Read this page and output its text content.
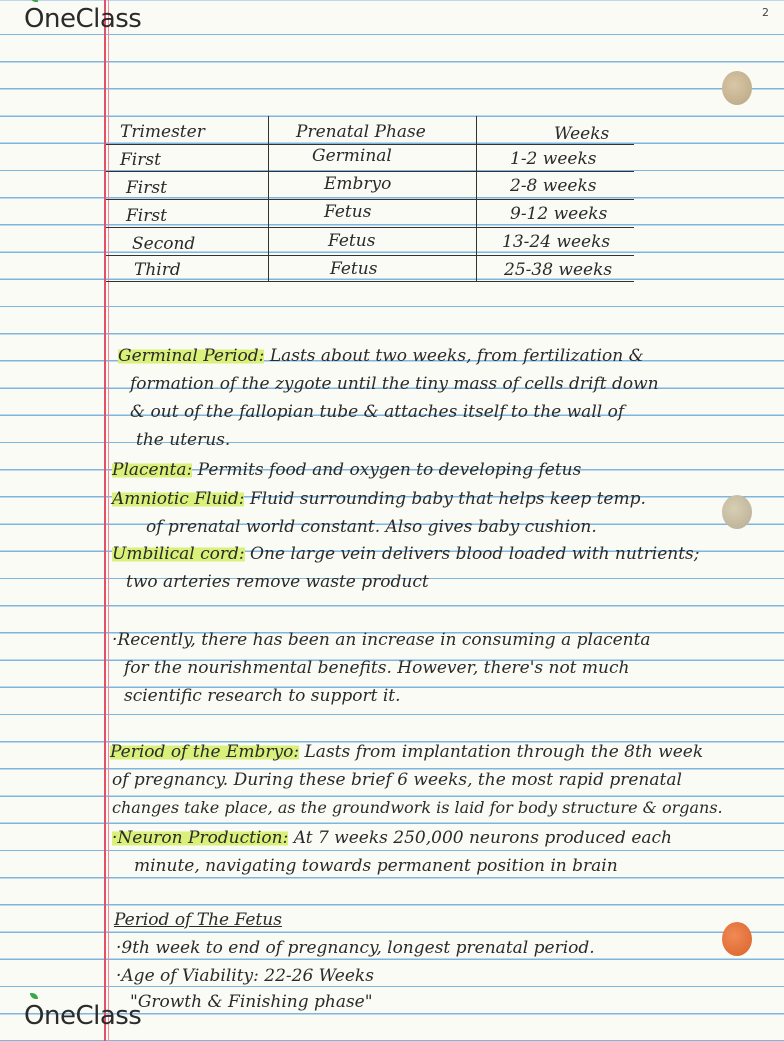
OneClass	2
Trimester	Prenatal Phase	Weeks
First	Germinal	1-2 weeks
First	Embryo	2-8 weeks
First	Fetus	9-12 weeks
Second	Fetus	13-24 weeks
Third	Fetus	25-38 weeks
Germinal Period: Lasts about two weeks, from fertilization &
formation of the zygote until the tiny mass of cells drift down
& out of the fallopian tube & attaches itself to the wall of
the uterus.
Placenta: Permits food and oxygen to developing fetus
Amniotic Fluid: Fluid surrounding baby that helps keep temp.
of prenatal world constant. Also gives baby cushion.
Umbilical cord: One large vein delivers blood loaded with nutrients;
two arteries remove waste product
·Recently, there has been an increase in consuming a placenta
for the nourishmental benefits. However, there's not much
scientific research to support it.
Period of the Embryo: Lasts from implantation through the 8th week
of pregnancy. During these brief 6 weeks, the most rapid prenatal
changes take place, as the groundwork is laid for body structure & organs.
·Neuron Production: At 7 weeks 250,000 neurons produced each
minute, navigating towards permanent position in brain
Period of The Fetus
·9th week to end of pregnancy, longest prenatal period.
·Age of Viability: 22-26 Weeks
"Growth & Finishing phase"
OneClass
